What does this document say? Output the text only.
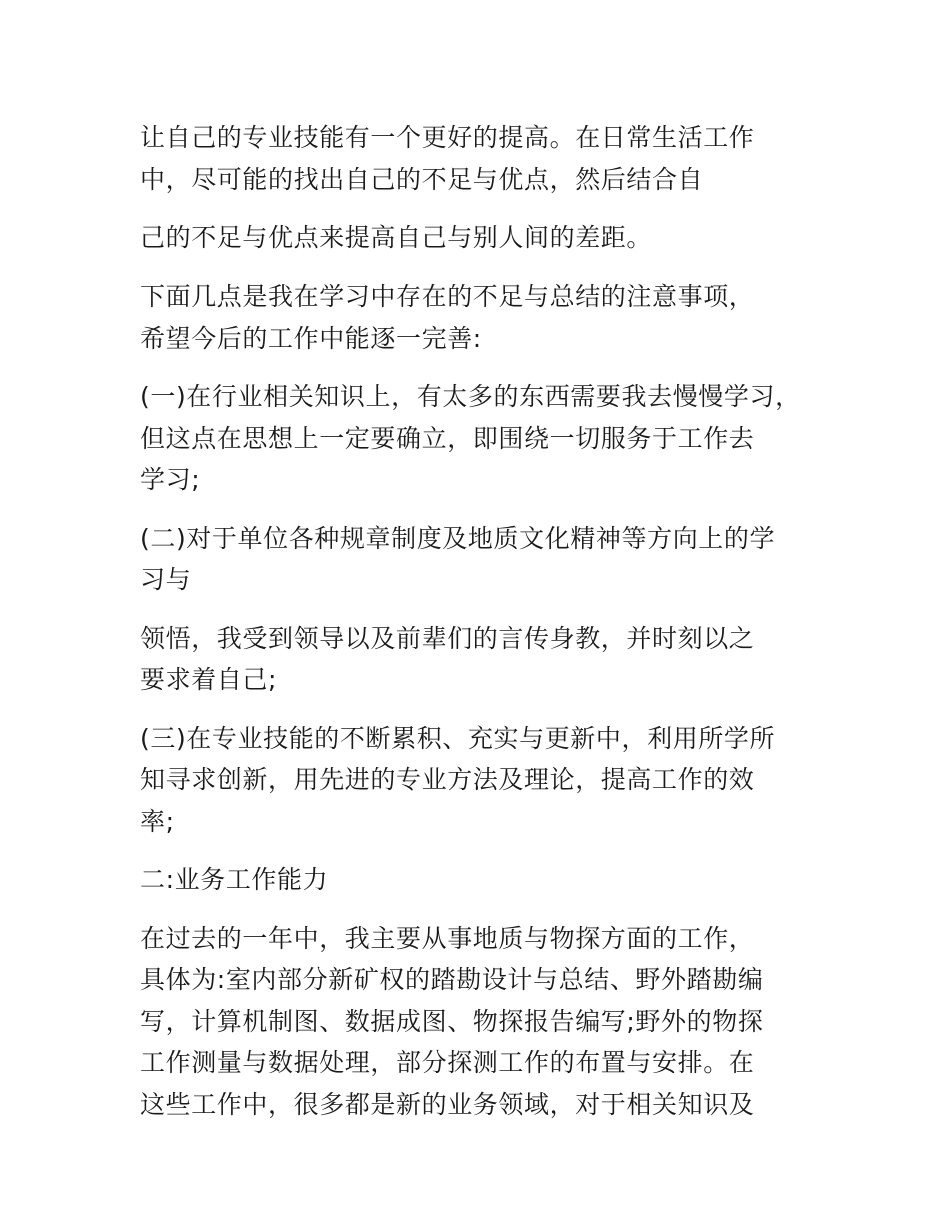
让自己的专业技能有一个更好的提高。在日常生活工作
中，尽可能的找出自己的不足与优点，然后结合自
己的不足与优点来提高自己与别人间的差距。
下面几点是我在学习中存在的不足与总结的注意事项，
希望今后的工作中能逐一完善:
(一)在行业相关知识上，有太多的东西需要我去慢慢学习，
但这点在思想上一定要确立，即围绕一切服务于工作去
学习;
(二)对于单位各种规章制度及地质文化精神等方向上的学
习与
领悟，我受到领导以及前辈们的言传身教，并时刻以之
要求着自己;
(三)在专业技能的不断累积、充实与更新中，利用所学所
知寻求创新，用先进的专业方法及理论，提高工作的效
率;
二:业务工作能力
在过去的一年中，我主要从事地质与物探方面的工作，
具体为:室内部分新矿权的踏勘设计与总结、野外踏勘编
写，计算机制图、数据成图、物探报告编写;野外的物探
工作测量与数据处理，部分探测工作的布置与安排。在
这些工作中，很多都是新的业务领域，对于相关知识及
